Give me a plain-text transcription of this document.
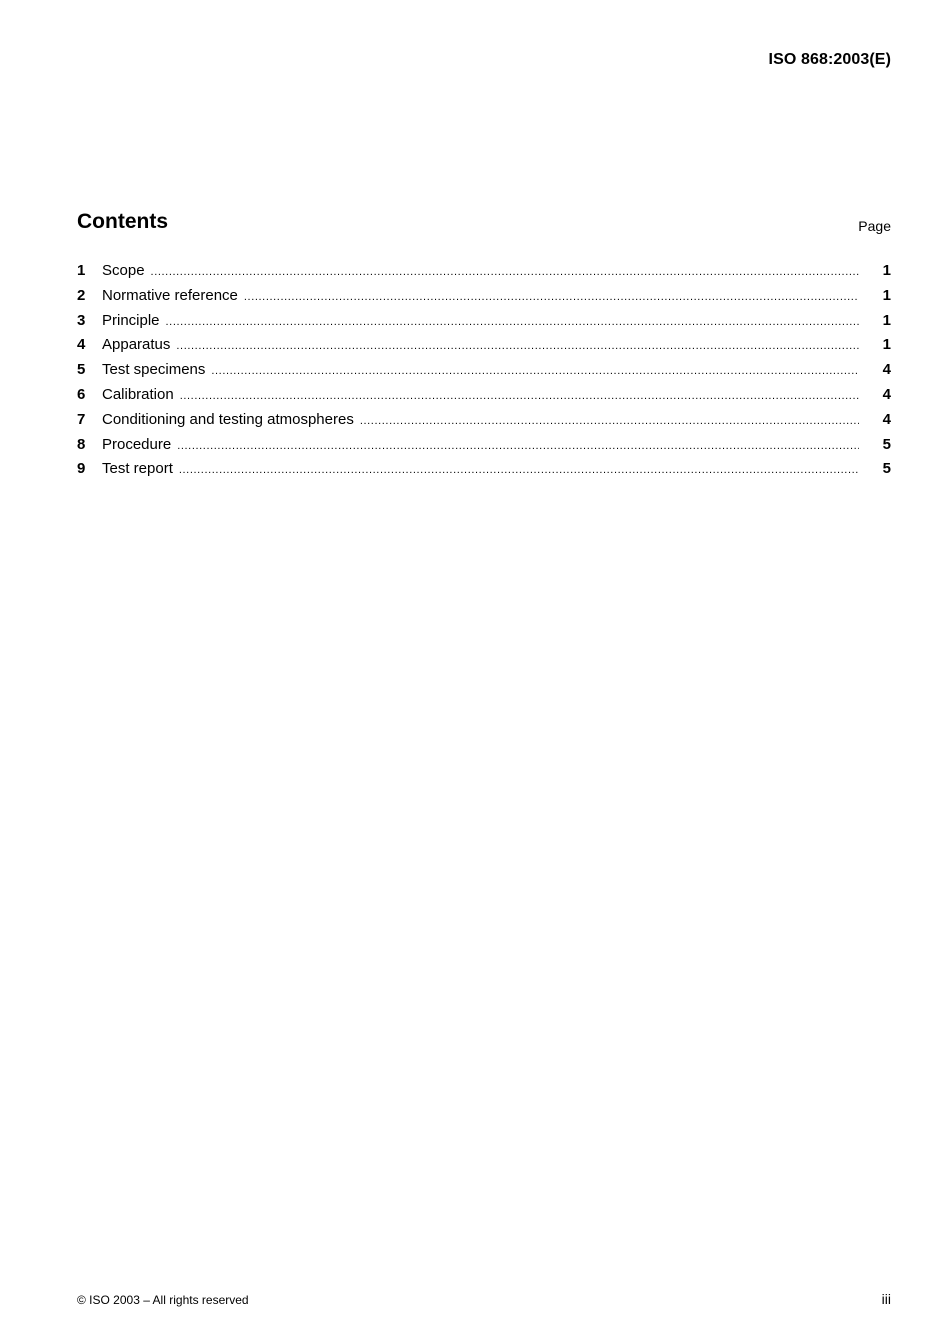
ISO 868:2003(E)
Contents	Page
1	Scope .....	1
2	Normative reference .....	1
3	Principle .....	1
4	Apparatus .....	1
5	Test specimens .....	4
6	Calibration .....	4
7	Conditioning and testing atmospheres .....	4
8	Procedure .....	5
9	Test report .....	5
© ISO 2003 – All rights reserved	iii
